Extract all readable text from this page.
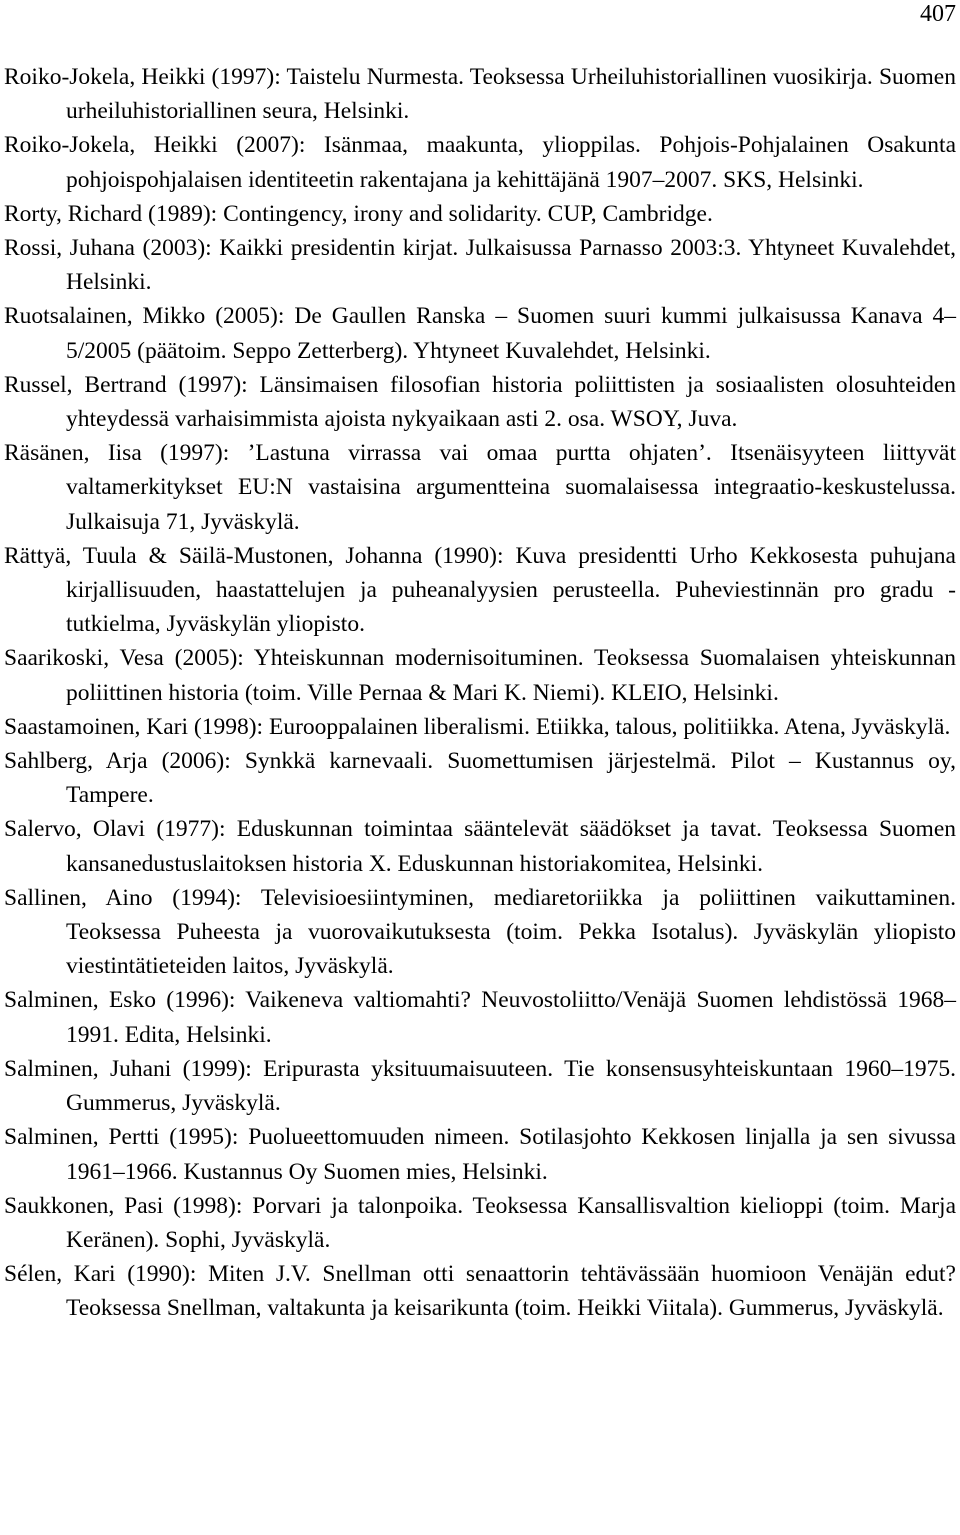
407

Roiko-Jokela, Heikki (1997): Taistelu Nurmesta. Teoksessa Urheiluhistoriallinen vuosikirja. Suomen urheiluhistoriallinen seura, Helsinki.

Roiko-Jokela, Heikki (2007): Isänmaa, maakunta, ylioppilas. Pohjois-Pohjalainen Osakunta pohjoispohjalaisen identiteetin rakentajana ja kehittäjänä 1907–2007. SKS, Helsinki.

Rorty, Richard (1989): Contingency, irony and solidarity. CUP, Cambridge.

Rossi, Juhana (2003): Kaikki presidentin kirjat. Julkaisussa Parnasso 2003:3. Yhtyneet Kuvalehdet, Helsinki.

Ruotsalainen, Mikko (2005): De Gaullen Ranska – Suomen suuri kummi julkaisussa Kanava 4–5/2005 (päätoim. Seppo Zetterberg). Yhtyneet Kuvalehdet, Helsinki.

Russel, Bertrand (1997): Länsimaisen filosofian historia poliittisten ja sosiaalisten olosuhteiden yhteydessä varhaisimmista ajoista nykyaikaan asti 2. osa. WSOY, Juva.

Räsänen, Iisa (1997): ’Lastuna virrassa vai omaa purtta ohjaten’. Itsenäisyyteen liittyvät valtamerkitykset EU:N vastaisina argumentteina suomalaisessa integraatio-keskustelussa. Julkaisuja 71, Jyväskylä.

Rättyä, Tuula & Säilä-Mustonen, Johanna (1990): Kuva presidentti Urho Kekkosesta puhujana kirjallisuuden, haastattelujen ja puheanalyysien perusteella. Puheviestinnän pro gradu -tutkielma, Jyväskylän yliopisto.

Saarikoski, Vesa (2005): Yhteiskunnan modernisoituminen. Teoksessa Suomalaisen yhteiskunnan poliittinen historia (toim. Ville Pernaa & Mari K. Niemi). KLEIO, Helsinki.

Saastamoinen, Kari (1998): Eurooppalainen liberalismi. Etiikka, talous, politiikka. Atena, Jyväskylä.

Sahlberg, Arja (2006): Synkkä karnevaali. Suomettumisen järjestelmä. Pilot – Kustannus oy, Tampere.

Salervo, Olavi (1977): Eduskunnan toimintaa sääntelevät säädökset ja tavat. Teoksessa Suomen kansanedustuslaitoksen historia X. Eduskunnan historiakomitea, Helsinki.

Sallinen, Aino (1994): Televisioesiintyminen, mediaretoriikka ja poliittinen vaikuttaminen. Teoksessa Puheesta ja vuorovaikutuksesta (toim. Pekka Isotalus). Jyväskylän yliopisto viestintätieteiden laitos, Jyväskylä.

Salminen, Esko (1996): Vaikeneva valtiomahti? Neuvostoliitto/Venäjä Suomen lehdistössä 1968–1991. Edita, Helsinki.

Salminen, Juhani (1999): Eripurasta yksituumaisuuteen. Tie konsensusyhteiskuntaan 1960–1975. Gummerus, Jyväskylä.

Salminen, Pertti (1995): Puolueettomuuden nimeen. Sotilasjohto Kekkosen linjalla ja sen sivussa 1961–1966. Kustannus Oy Suomen mies, Helsinki.

Saukkonen, Pasi (1998): Porvari ja talonpoika. Teoksessa Kansallisvaltion kielioppi (toim. Marja Keränen). Sophi, Jyväskylä.

Sélen, Kari (1990): Miten J.V. Snellman otti senaattorin tehtävässään huomioon Venäjän edut? Teoksessa Snellman, valtakunta ja keisarikunta (toim. Heikki Viitala). Gummerus, Jyväskylä.
